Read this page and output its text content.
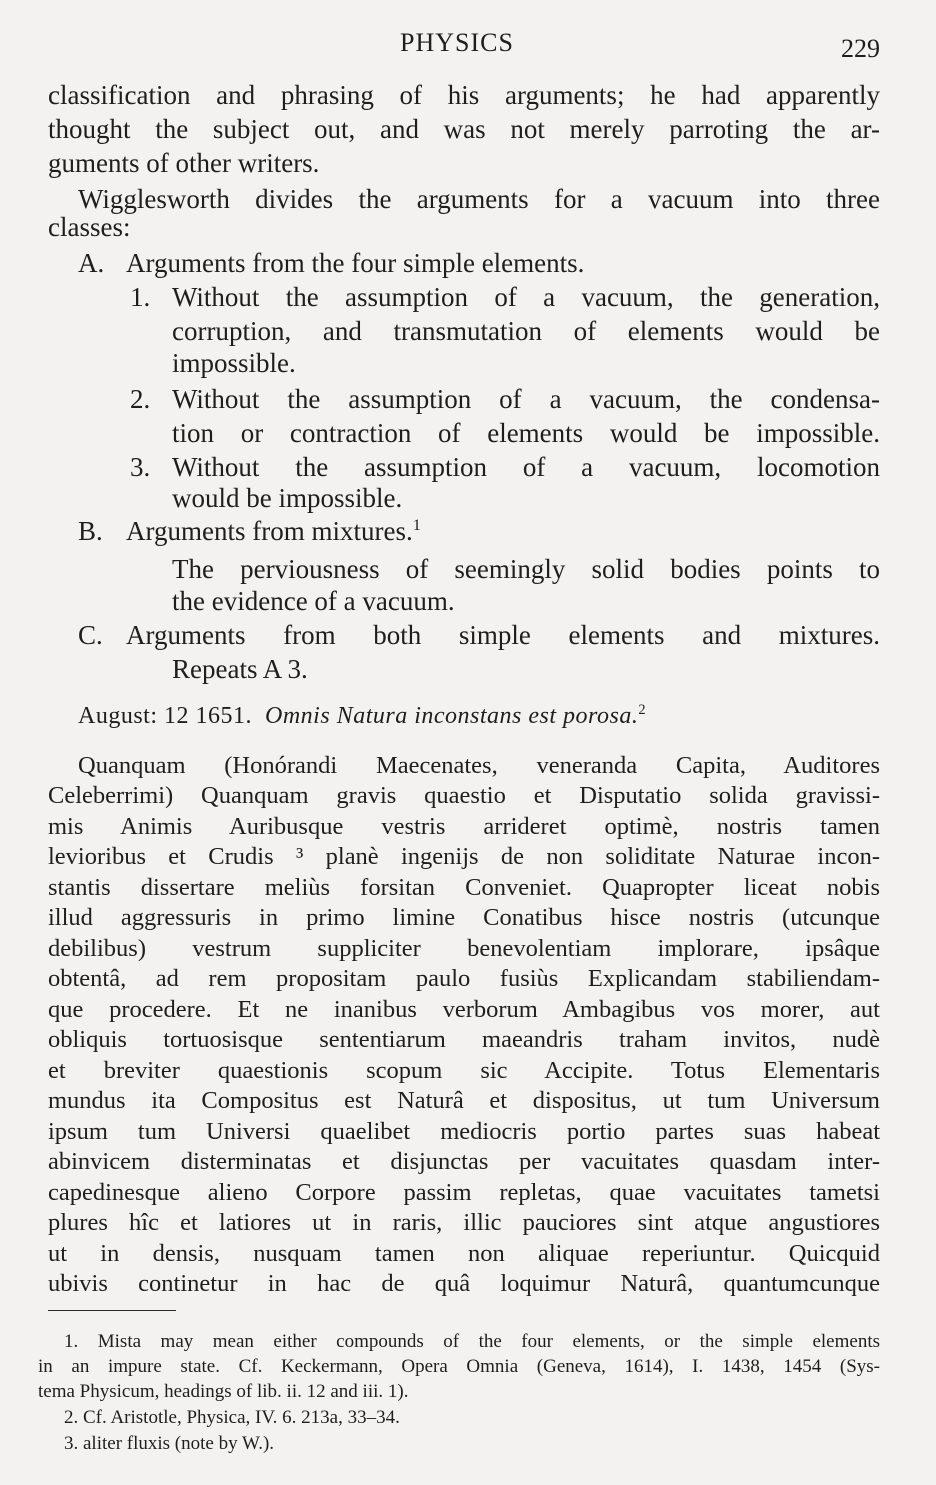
PHYSICS	229
classification and phrasing of his arguments; he had apparently
thought the subject out, and was not merely parroting the ar-
guments of other writers.
Wigglesworth divides the arguments for a vacuum into three
classes:
A. Arguments from the four simple elements.
1. Without the assumption of a vacuum, the generation,
corruption, and transmutation of elements would be
impossible.
2. Without the assumption of a vacuum, the condensa-
tion or contraction of elements would be impossible.
3. Without the assumption of a vacuum, locomotion
would be impossible.
B. Arguments from mixtures.$^1$
The perviousness of seemingly solid bodies points to
the evidence of a vacuum.
C. Arguments from both simple elements and mixtures.
Repeats A 3.
August: 12 1651. Omnis Natura inconstans est porosa.$^2$
Quanquam (Honórandi Maecenates, veneranda Capita, Auditores
Celeberrimi) Quanquam gravis quaestio et Disputatio solida gravissi-
mis Animis Auribusque vestris arrideret optimè, nostris tamen
levioribus et Crudis ³ planè ingenijs de non soliditate Naturae incon-
stantis dissertare meliùs forsitan Conveniet. Quapropter liceat nobis
illud aggressuris in primo limine Conatibus hisce nostris (utcunque
debilibus) vestrum suppliciter benevolentiam implorare, ipsâque
obtentâ, ad rem propositam paulo fusiùs Explicandam stabiliendam-
que procedere. Et ne inanibus verborum Ambagibus vos morer, aut
obliquis tortuosisque sententiarum maeandris traham invitos, nudè
et breviter quaestionis scopum sic Accipite. Totus Elementaris
mundus ita Compositus est Naturâ et dispositus, ut tum Universum
ipsum tum Universi quaelibet mediocris portio partes suas habeat
abinvicem disterminatas et disjunctas per vacuitates quasdam inter-
capedinesque alieno Corpore passim repletas, quae vacuitates tametsi
plures hîc et latiores ut in raris, illic pauciores sint atque angustiores
ut in densis, nusquam tamen non aliquae reperiuntur. Quicquid
ubivis continetur in hac de quâ loquimur Naturâ, quantumcunque
1. Mista may mean either compounds of the four elements, or the simple elements
in an impure state. Cf. Keckermann, Opera Omnia (Geneva, 1614), I. 1438, 1454 (Sys-
tema Physicum, headings of lib. ii. 12 and iii. 1).
2. Cf. Aristotle, Physica, IV. 6. 213a, 33–34.
3. aliter fluxis (note by W.).
